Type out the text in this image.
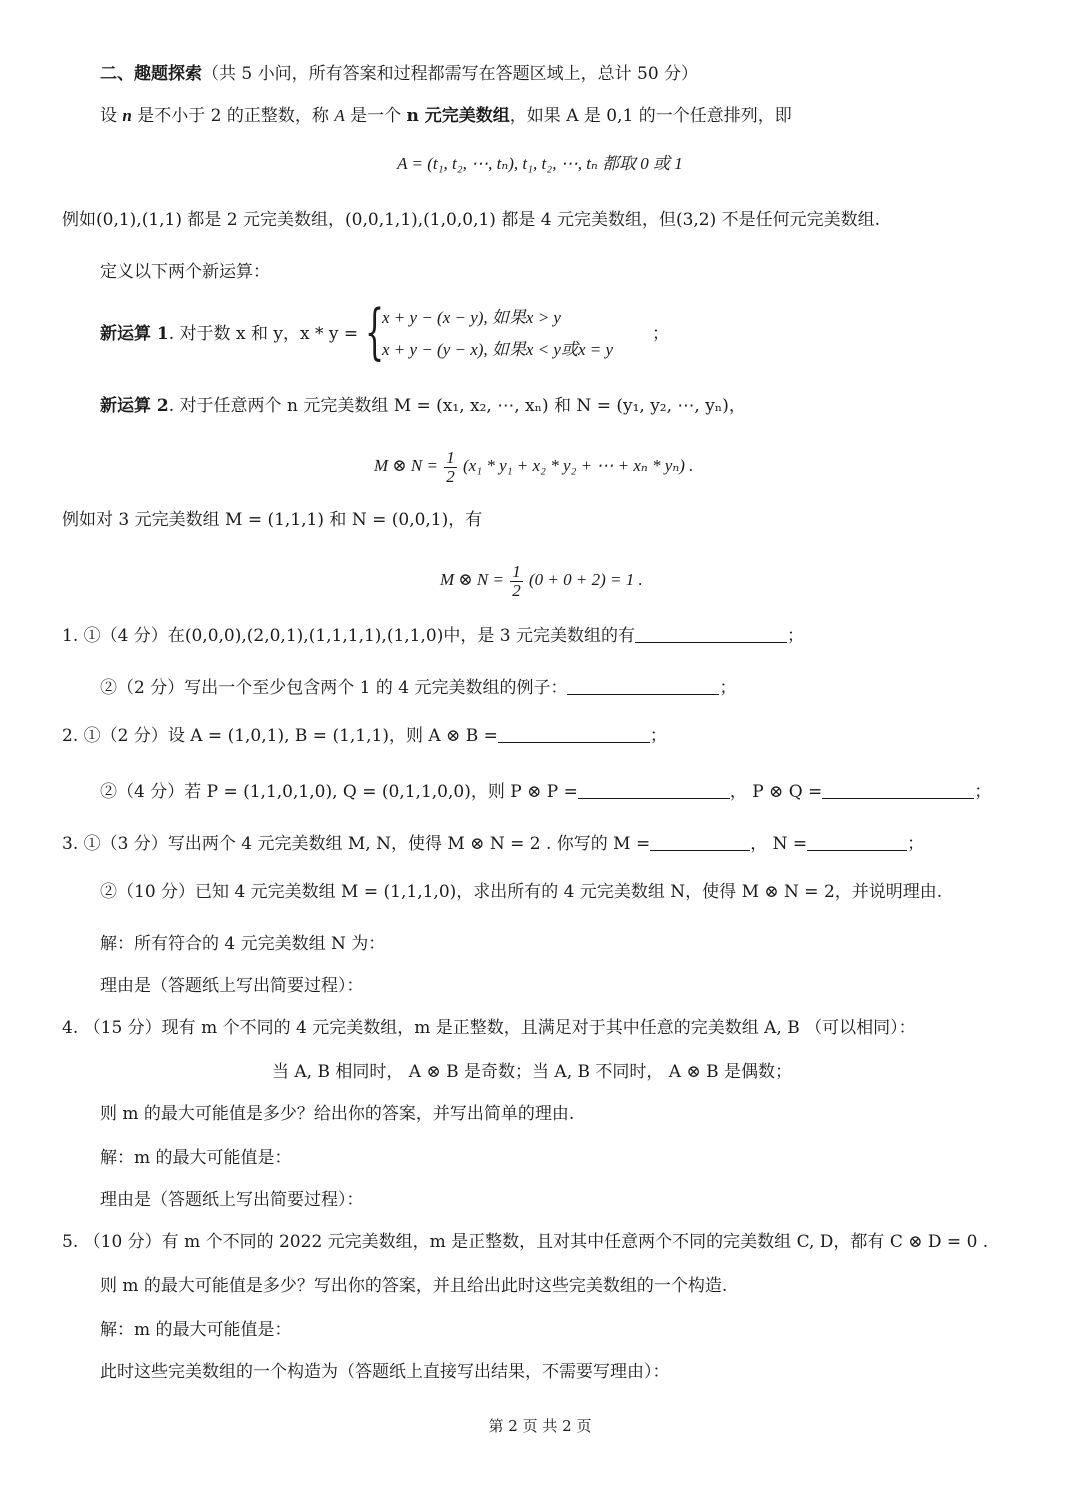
二、趣题探索（共 5 小问，所有答案和过程都需写在答题区域上，总计 50 分）
设 n 是不小于 2 的正整数，称 A 是一个 n 元完美数组，如果 A 是 0,1 的一个任意排列，即
A = (t₁, t₂, ⋯, tₙ), t₁, t₂, ⋯, tₙ 都取 0 或 1
例如(0,1),(1,1) 都是 2 元完美数组，(0,0,1,1),(1,0,0,1) 都是 4 元完美数组，但(3,2) 不是任何元完美数组.
定义以下两个新运算：
新运算 1. 对于数 x 和 y，x * y = {
x + y − (x − y), 如果x > y
x + y − (y − x), 如果x < y或x = y
；
新运算 2. 对于任意两个 n 元完美数组 M = (x₁, x₂, ⋯, xₙ) 和 N = (y₁, y₂, ⋯, yₙ)，
M ⊗ $N = \frac{1}{2} (x_1 * y_1 + x_2 * y_2$ + ⋯ + xₙ * yₙ) .
例如对 3 元完美数组 M = (1,1,1) 和 N = (0,0,1)，有
M ⊗ $N = \frac{1}{2} (0 + 0 + 2) = 1$ .
1. ①（4 分）在(0,0,0),(2,0,1),(1,1,1,1),(1,1,0)中，是 3 元完美数组的有	；
②（2 分）写出一个至少包含两个 1 的 4 元完美数组的例子：	；
2. ①（2 分）设 A = (1,0,1), B = (1,1,1)，则 A ⊗ B =	；
②（4 分）若 P = (1,1,0,1,0), Q = (0,1,1,0,0)，则 P ⊗ P =	， P ⊗ Q =	；
3. ①（3 分）写出两个 4 元完美数组 M, N，使得 M ⊗ N = 2 . 你写的 M =	， N =	；
②（10 分）已知 4 元完美数组 M = (1,1,1,0)，求出所有的 4 元完美数组 N，使得 M ⊗ N = 2，并说明理由.
解：所有符合的 4 元完美数组 N 为：
理由是（答题纸上写出简要过程）：
4. （15 分）现有 m 个不同的 4 元完美数组，m 是正整数，且满足对于其中任意的完美数组 A, B （可以相同）：
当 A, B 相同时， A ⊗ B 是奇数；当 A, B 不同时， A ⊗ B 是偶数；
则 m 的最大可能值是多少？给出你的答案，并写出简单的理由.
解：m 的最大可能值是：
理由是（答题纸上写出简要过程）：
5. （10 分）有 m 个不同的 2022 元完美数组，m 是正整数，且对其中任意两个不同的完美数组 C, D，都有 C ⊗ D = 0 .
则 m 的最大可能值是多少？写出你的答案，并且给出此时这些完美数组的一个构造.
解：m 的最大可能值是：
此时这些完美数组的一个构造为（答题纸上直接写出结果，不需要写理由）：
第 2 页 共 2 页
